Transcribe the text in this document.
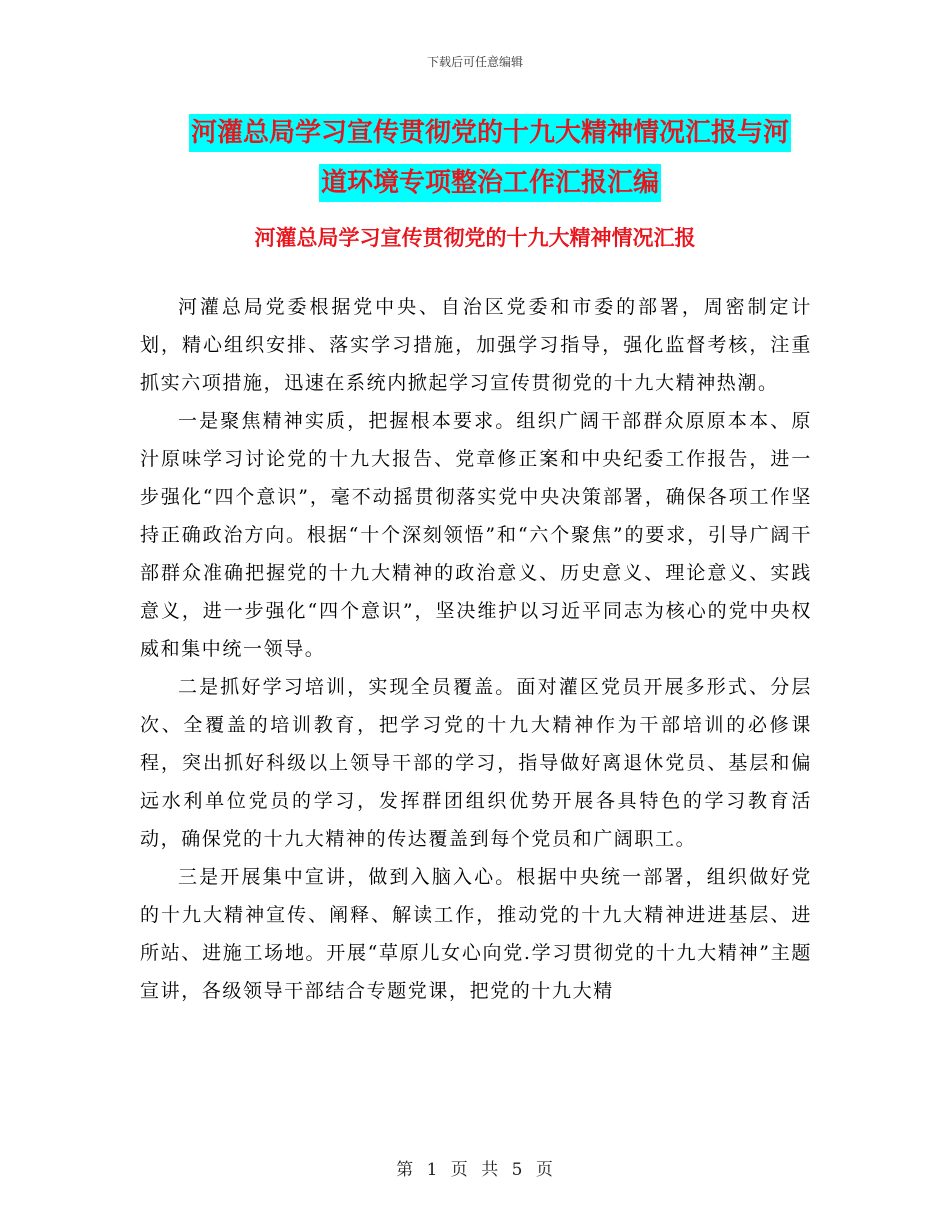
下载后可任意编辑
河灌总局学习宣传贯彻党的十九大精神情况汇报与河
道环境专项整治工作汇报汇编
河灌总局学习宣传贯彻党的十九大精神情况汇报

河灌总局党委根据党中央、自治区党委和市委的部署，周密制定计划，精心组织安排、落实学习措施，加强学习指导，强化监督考核，注重抓实六项措施，迅速在系统内掀起学习宣传贯彻党的十九大精神热潮。

一是聚焦精神实质，把握根本要求。组织广阔干部群众原原本本、原汁原味学习讨论党的十九大报告、党章修正案和中央纪委工作报告，进一步强化“四个意识”，毫不动摇贯彻落实党中央决策部署，确保各项工作坚持正确政治方向。根据“十个深刻领悟”和“六个聚焦”的要求，引导广阔干部群众准确把握党的十九大精神的政治意义、历史意义、理论意义、实践意义，进一步强化“四个意识”，坚决维护以习近平同志为核心的党中央权威和集中统一领导。

二是抓好学习培训，实现全员覆盖。面对灌区党员开展多形式、分层次、全覆盖的培训教育，把学习党的十九大精神作为干部培训的必修课程，突出抓好科级以上领导干部的学习，指导做好离退休党员、基层和偏远水利单位党员的学习，发挥群团组织优势开展各具特色的学习教育活动，确保党的十九大精神的传达覆盖到每个党员和广阔职工。

三是开展集中宣讲，做到入脑入心。根据中央统一部署，组织做好党的十九大精神宣传、阐释、解读工作，推动党的十九大精神进进基层、进所站、进施工场地。开展“草原儿女心向党.学习贯彻党的十九大精神”主题宣讲，各级领导干部结合专题党课，把党的十九大精

第 1 页 共 5 页
